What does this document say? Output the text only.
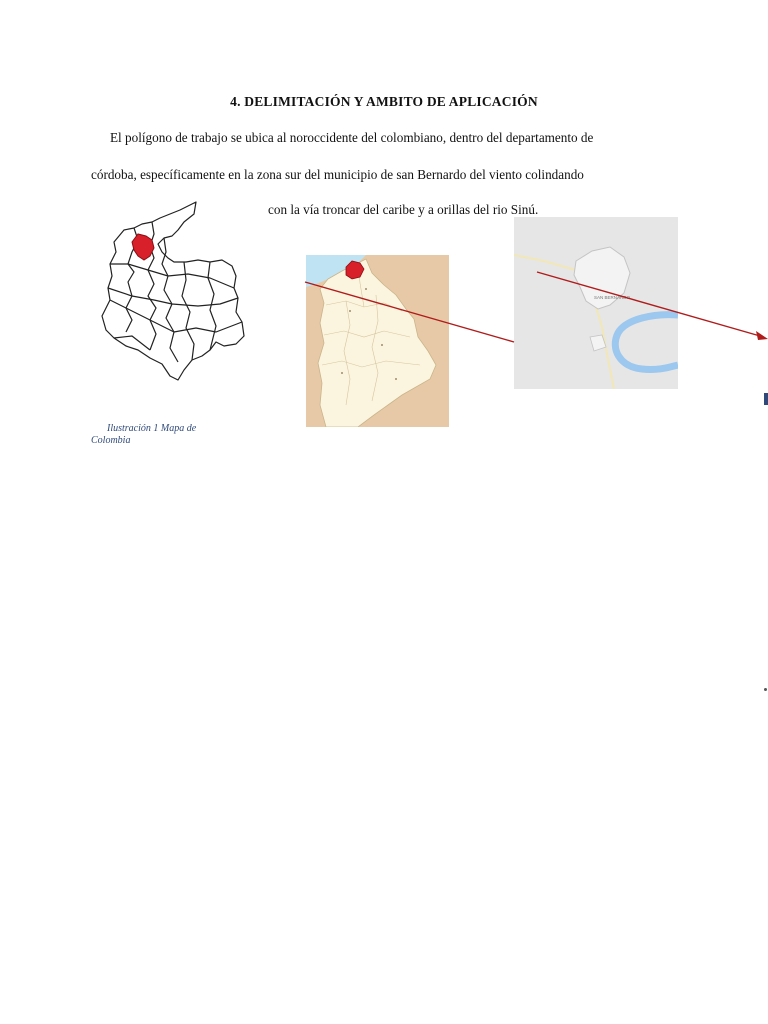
4. DELIMITACIÓN Y AMBITO DE APLICACIÓN
El polígono de trabajo se ubica al noroccidente del colombiano, dentro del departamento de
córdoba, específicamente en la zona sur del municipio de san Bernardo del viento colindando
con la vía troncar del caribe y a orillas del rio Sinú.
SAN BERNARDO
Ilustración 1 Mapa de
Colombia
